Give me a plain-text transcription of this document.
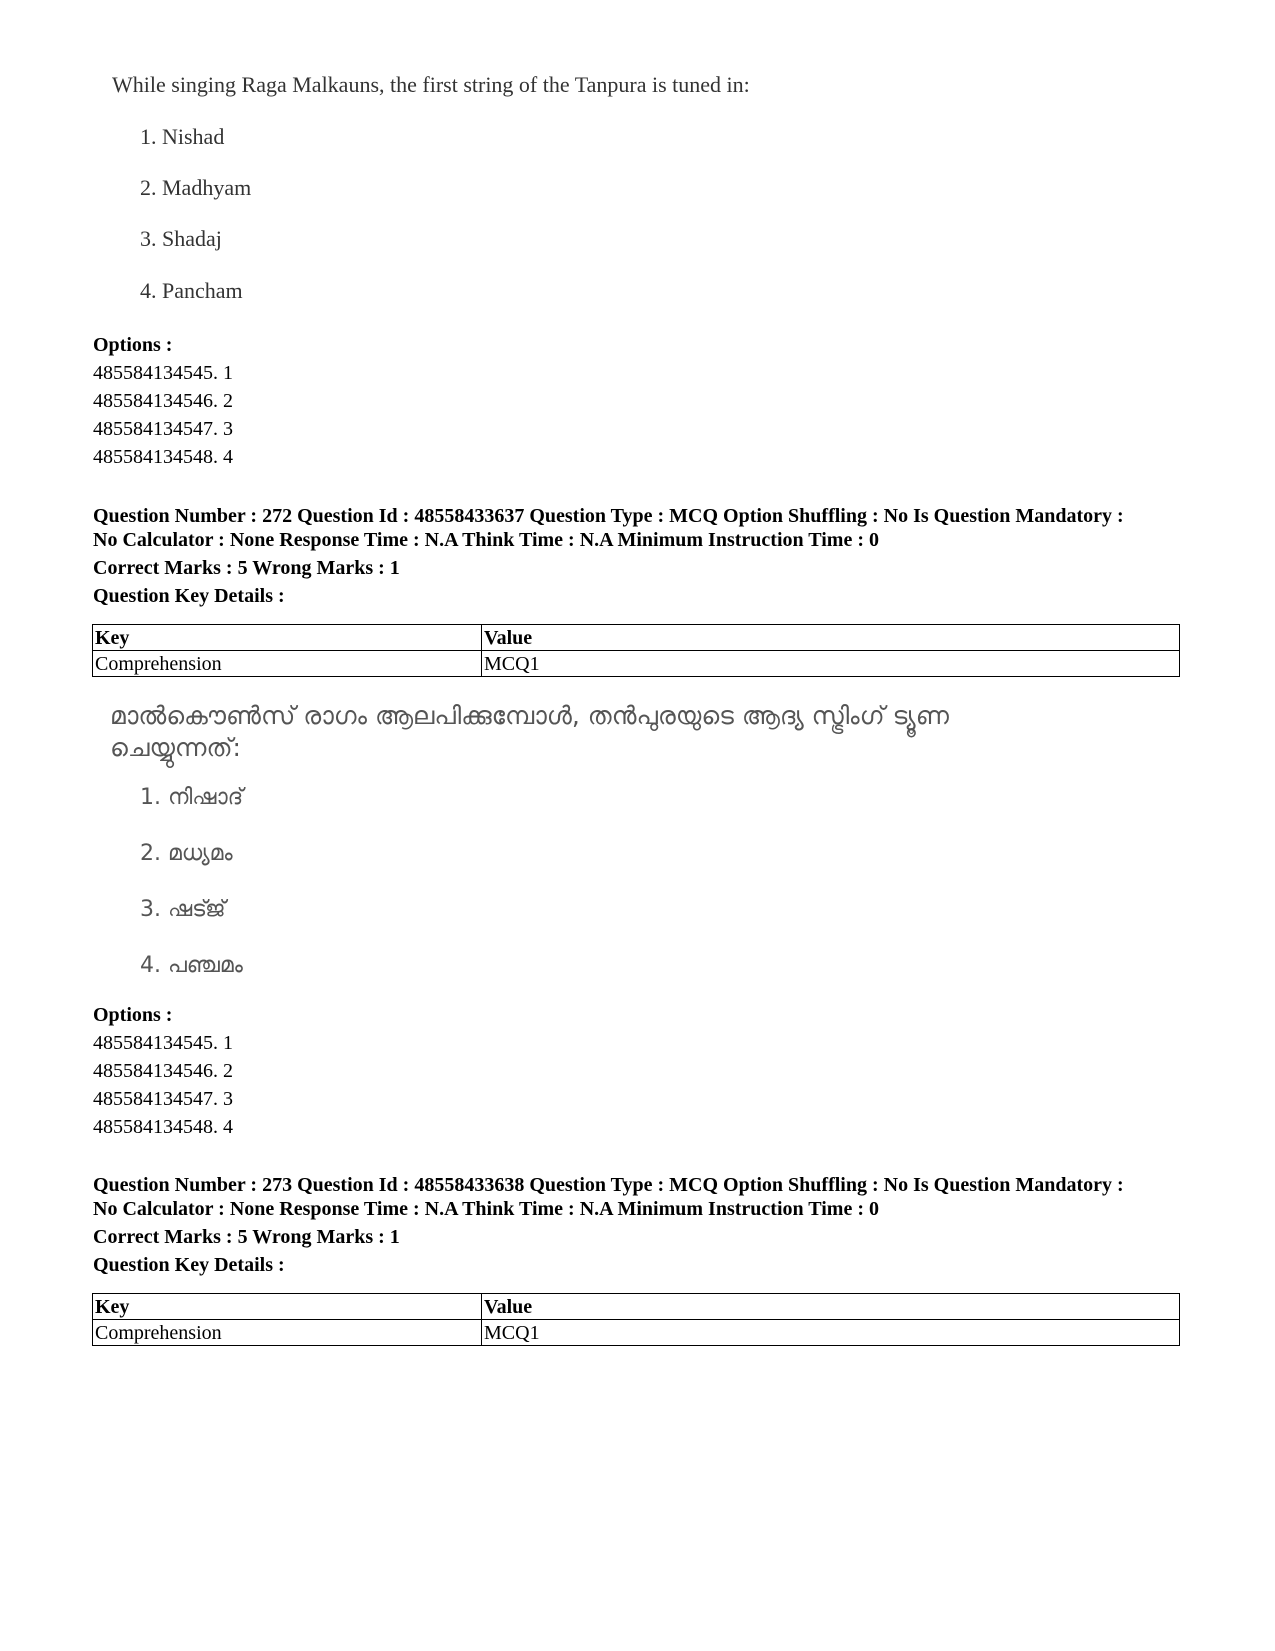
While singing Raga Malkauns, the first string of the Tanpura is tuned in:

1. Nishad
2. Madhyam
3. Shadaj
4. Pancham
Options :
485584134545. 1
485584134546. 2
485584134547. 3
485584134548. 4
Question Number : 272 Question Id : 48558433637 Question Type : MCQ Option Shuffling : No Is Question Mandatory :
No Calculator : None Response Time : N.A Think Time : N.A Minimum Instruction Time : 0
Correct Marks : 5 Wrong Marks : 1
Question Key Details :
Key	Value
Comprehension	MCQ1

മാൽകൌൺസ് രാഗം ആലപിക്കുമ്പോൾ, തൻപുരയുടെ ആദ്യ സ്ട്രിംഗ് ട്യൂണ ചെയ്യുന്നത്:

1. നിഷാദ്
2. മധ്യമം
3. ഷട്ജ്
4. പഞ്ചമം
Options :
485584134545. 1
485584134546. 2
485584134547. 3
485584134548. 4
Question Number : 273 Question Id : 48558433638 Question Type : MCQ Option Shuffling : No Is Question Mandatory :
No Calculator : None Response Time : N.A Think Time : N.A Minimum Instruction Time : 0
Correct Marks : 5 Wrong Marks : 1
Question Key Details :
Key	Value
Comprehension	MCQ1
